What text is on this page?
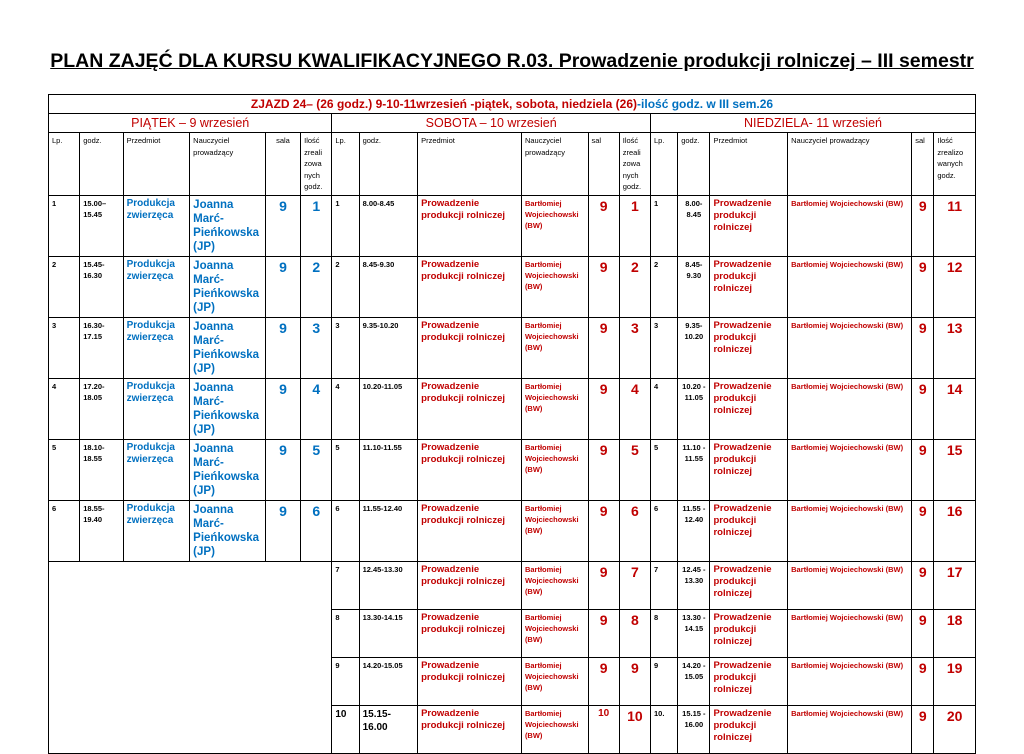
PLAN ZAJĘĆ DLA KURSU KWALIFIKACYJNEGO R.03. Prowadzenie produkcji rolniczej – III semestr
ZJAZD 24– (26 godz.) 9-10-11wrzesień -piątek, sobota, niedziela (26)-ilość godz. w III sem.26																	
PIĄTEK – 9 wrzesień						SOBOTA – 10 wrzesień						NIEDZIELA- 11 wrzesień					
Lp.	godz.	Przedmiot	Nauczyciel prowadzący	sala	Ilość zreali zowa nych godz.	Lp.	godz.	Przedmiot	Nauczyciel prowadzący	sal	Ilość zreali zowa nych godz.	Lp.	godz.	Przedmiot	Nauczyciel prowadzący	sal	Ilość zrealizo wanych godz.
1	15.00– 15.45	Produkcja zwierzęca	Joanna Marć-Pieńkowska (JP)	9	1	1	8.00-8.45	Prowadzenie produkcji rolniczej	Bartłomiej Wojciechowski (BW)	9	1	1	8.00- 8.45	Prowadzenie produkcji rolniczej	Bartłomiej Wojciechowski (BW)	9	11
2	15.45- 16.30	Produkcja zwierzęca	Joanna Marć-Pieńkowska (JP)	9	2	2	8.45-9.30	Prowadzenie produkcji rolniczej	Bartłomiej Wojciechowski (BW)	9	2	2	8.45- 9.30	Prowadzenie produkcji rolniczej	Bartłomiej Wojciechowski (BW)	9	12
3	16.30- 17.15	Produkcja zwierzęca	Joanna Marć-Pieńkowska (JP)	9	3	3	9.35-10.20	Prowadzenie produkcji rolniczej	Bartłomiej Wojciechowski (BW)	9	3	3	9.35- 10.20	Prowadzenie produkcji rolniczej	Bartłomiej Wojciechowski (BW)	9	13
4	17.20- 18.05	Produkcja zwierzęca	Joanna Marć-Pieńkowska (JP)	9	4	4	10.20-11.05	Prowadzenie produkcji rolniczej	Bartłomiej Wojciechowski (BW)	9	4	4	10.20 - 11.05	Prowadzenie produkcji rolniczej	Bartłomiej Wojciechowski (BW)	9	14
5	18.10- 18.55	Produkcja zwierzęca	Joanna Marć-Pieńkowska (JP)	9	5	5	11.10-11.55	Prowadzenie produkcji rolniczej	Bartłomiej Wojciechowski (BW)	9	5	5	11.10 - 11.55	Prowadzenie produkcji rolniczej	Bartłomiej Wojciechowski (BW)	9	15
6	18.55- 19.40	Produkcja zwierzęca	Joanna Marć-Pieńkowska (JP)	9	6	6	11.55-12.40	Prowadzenie produkcji rolniczej	Bartłomiej Wojciechowski (BW)	9	6	6	11.55 - 12.40	Prowadzenie produkcji rolniczej	Bartłomiej Wojciechowski (BW)	9	16
						7	12.45-13.30	Prowadzenie produkcji rolniczej	Bartłomiej Wojciechowski (BW)	9	7	7	12.45 - 13.30	Prowadzenie produkcji rolniczej	Bartłomiej Wojciechowski (BW)	9	17
						8	13.30-14.15	Prowadzenie produkcji rolniczej	Bartłomiej Wojciechowski (BW)	9	8	8	13.30 - 14.15	Prowadzenie produkcji rolniczej	Bartłomiej Wojciechowski (BW)	9	18
						9	14.20-15.05	Prowadzenie produkcji rolniczej	Bartłomiej Wojciechowski (BW)	9	9	9	14.20 - 15.05	Prowadzenie produkcji rolniczej	Bartłomiej Wojciechowski (BW)	9	19
						10	15.15- 16.00	Prowadzenie produkcji rolniczej	Bartłomiej Wojciechowski (BW)	10	10	10.	15.15 - 16.00	Prowadzenie produkcji rolniczej	Bartłomiej Wojciechowski (BW)	9	20
